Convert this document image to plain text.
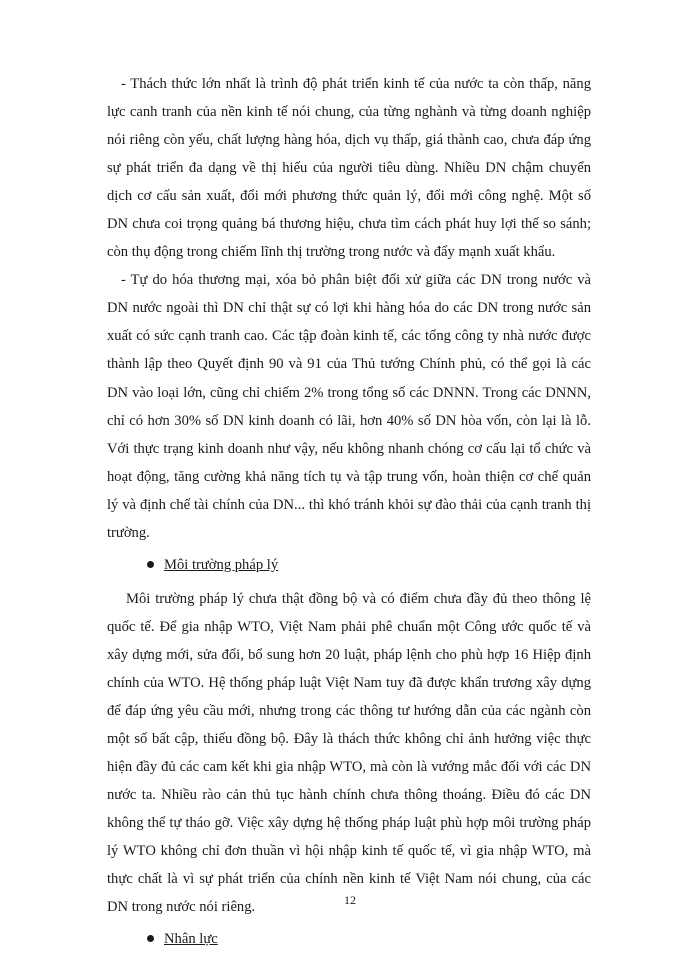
- Thách thức lớn nhất là trình độ phát triển kinh tế của nước ta còn thấp, năng lực canh tranh của nền kinh tế nói chung, của từng nghành và từng doanh nghiệp nói riêng còn yếu, chất lượng hàng hóa, dịch vụ thấp, giá thành cao, chưa đáp ứng sự phát triển đa dạng về thị hiếu của người tiêu dùng. Nhiều DN chậm chuyển dịch cơ cấu sản xuất, đổi mới phương thức quản lý, đổi mới công nghệ. Một số DN chưa coi trọng quảng bá thương hiệu, chưa tìm cách phát huy lợi thế so sánh; còn thụ động trong chiếm lĩnh thị trường trong nước và đẩy mạnh xuất khẩu.

- Tự do hóa thương mại, xóa bỏ phân biệt đối xử giữa các DN trong nước và DN nước ngoài thì DN chỉ thật sự có lợi khi hàng hóa do các DN trong nước sản xuất có sức cạnh tranh cao. Các tập đoàn kinh tế, các tổng công ty nhà nước được thành lập theo Quyết định 90 và 91 của Thủ tướng Chính phủ, có thể gọi là các DN vào loại lớn, cũng chỉ chiếm 2% trong tổng số các DNNN. Trong các DNNN, chỉ có hơn 30% số DN kinh doanh có lãi, hơn 40% số DN hòa vốn, còn lại là lỗ. Với thực trạng kinh doanh như vậy, nếu không nhanh chóng cơ cấu lại tổ chức và hoạt động, tăng cường khả năng tích tụ và tập trung vốn, hoàn thiện cơ chế quản lý và định chế tài chính của DN... thì khó tránh khỏi sự đào thải của cạnh tranh thị trường.

Môi trường pháp lý

Môi trường pháp lý chưa thật đồng bộ và có điểm chưa đầy đủ theo thông lệ quốc tế. Để gia nhập WTO, Việt Nam phải phê chuẩn một Công ước quốc tế và xây dựng mới, sửa đổi, bổ sung hơn 20 luật, pháp lệnh cho phù hợp 16 Hiệp định chính của WTO. Hệ thống pháp luật Việt Nam tuy đã được khẩn trương xây dựng để đáp ứng yêu cầu mới, nhưng trong các thông tư hướng dẫn của các ngành còn một số bất cập, thiếu đồng bộ. Đây là thách thức không chỉ ảnh hưởng việc thực hiện đầy đủ các cam kết khi gia nhập WTO, mà còn là vướng mắc đối với các DN nước ta. Nhiều rào cản thủ tục hành chính chưa thông thoáng. Điều đó các DN không thể tự tháo gỡ. Việc xây dựng hệ thống pháp luật phù hợp môi trường pháp lý WTO không chỉ đơn thuần vì hội nhập kinh tế quốc tế, vì gia nhập WTO, mà thực chất là vì sự phát triển của chính nền kinh tế Việt Nam nói chung, của các DN trong nước nói riêng.

Nhân lực
12
